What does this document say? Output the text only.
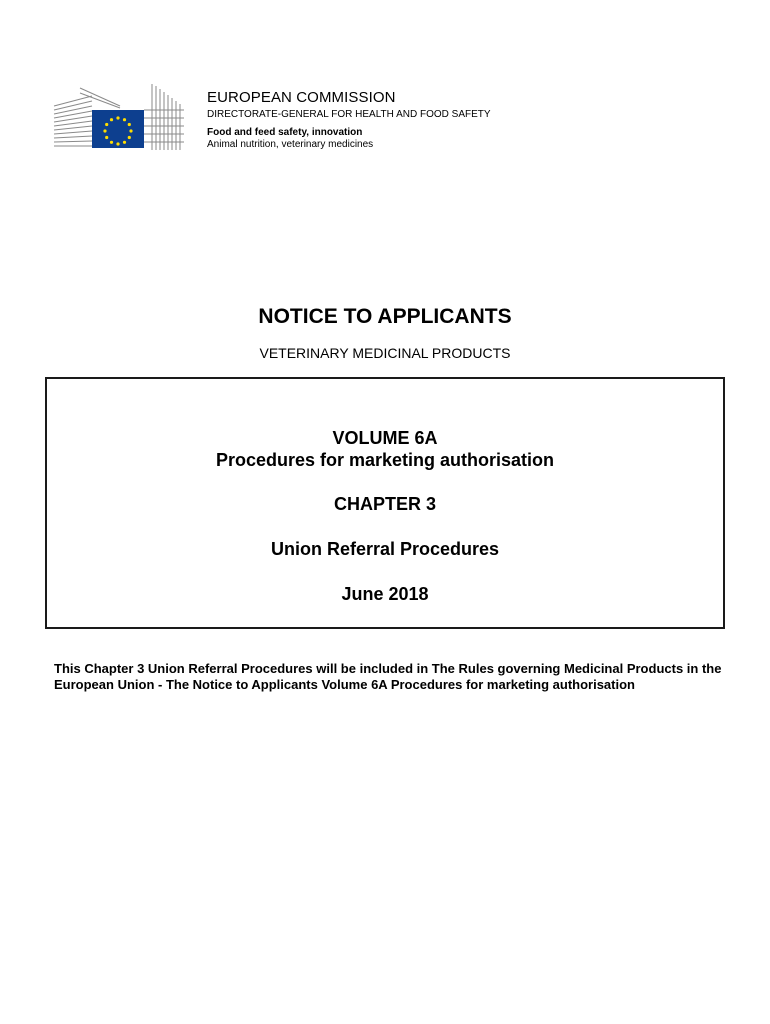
EUROPEAN COMMISSION
DIRECTORATE-GENERAL FOR HEALTH AND FOOD SAFETY
Food and feed safety, innovation
Animal nutrition, veterinary medicines
NOTICE TO APPLICANTS
VETERINARY MEDICINAL PRODUCTS
VOLUME 6A
Procedures for marketing authorisation
CHAPTER 3
Union Referral Procedures
June 2018
This Chapter 3 Union Referral Procedures will be included in The Rules governing Medicinal Products in the European Union - The Notice to Applicants Volume 6A Procedures for marketing authorisation
